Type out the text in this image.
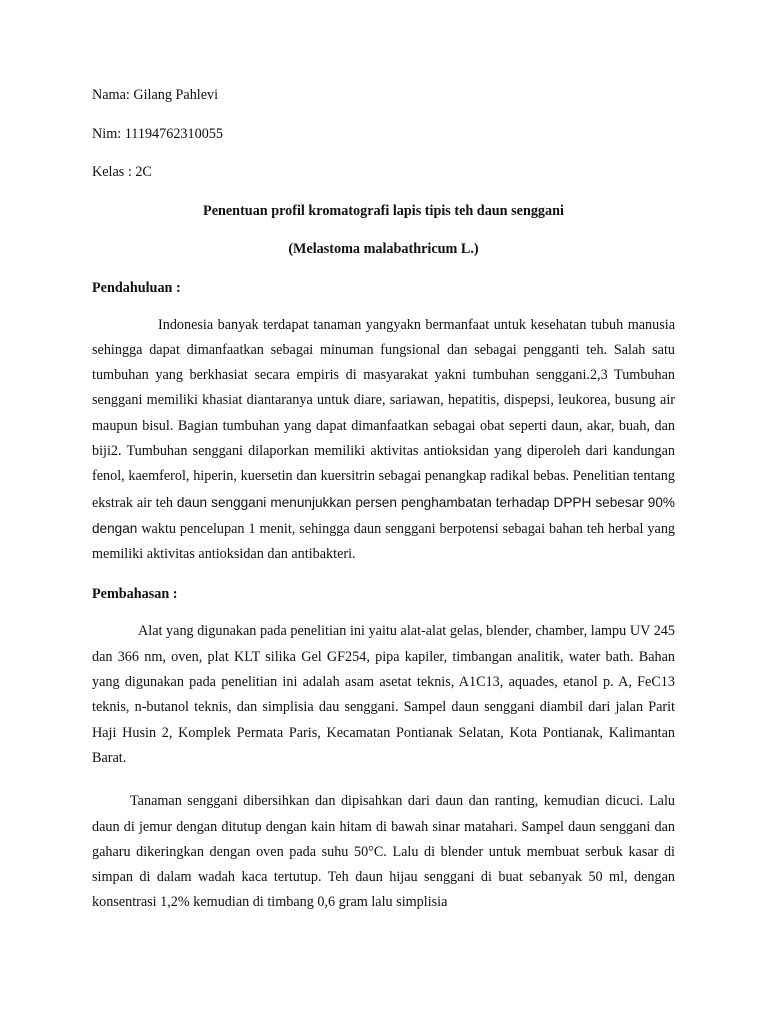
Nama: Gilang Pahlevi

Nim: 11194762310055

Kelas : 2C

Penentuan profil kromatografi lapis tipis teh daun senggani

(Melastoma malabathricum L.)

Pendahuluan :

Indonesia banyak terdapat tanaman yangyakn bermanfaat untuk kesehatan tubuh manusia sehingga dapat dimanfaatkan sebagai minuman fungsional dan sebagai pengganti teh. Salah satu tumbuhan yang berkhasiat secara empiris di masyarakat yakni tumbuhan senggani.2,3 Tumbuhan senggani memiliki khasiat diantaranya untuk diare, sariawan, hepatitis, dispepsi, leukorea, busung air maupun bisul. Bagian tumbuhan yang dapat dimanfaatkan sebagai obat seperti daun, akar, buah, dan biji2. Tumbuhan senggani dilaporkan memiliki aktivitas antioksidan yang diperoleh dari kandungan fenol, kaemferol, hiperin, kuersetin dan kuersitrin sebagai penangkap radikal bebas. Penelitian tentang ekstrak air teh daun senggani menunjukkan persen penghambatan terhadap DPPH sebesar 90% dengan waktu pencelupan 1 menit, sehingga daun senggani berpotensi sebagai bahan teh herbal yang memiliki aktivitas antioksidan dan antibakteri.

Pembahasan :

Alat yang digunakan pada penelitian ini yaitu alat-alat gelas, blender, chamber, lampu UV 245 dan 366 nm, oven, plat KLT silika Gel GF254, pipa kapiler, timbangan analitik, water bath. Bahan yang digunakan pada penelitian ini adalah asam asetat teknis, A1C13, aquades, etanol p. A, FeC13 teknis, n-butanol teknis, dan simplisia dau senggani. Sampel daun senggani diambil dari jalan Parit Haji Husin 2, Komplek Permata Paris, Kecamatan Pontianak Selatan, Kota Pontianak, Kalimantan Barat.

Tanaman senggani dibersihkan dan dipisahkan dari daun dan ranting, kemudian dicuci. Lalu daun di jemur dengan ditutup dengan kain hitam di bawah sinar matahari. Sampel daun senggani dan gaharu dikeringkan dengan oven pada suhu 50°C. Lalu di blender untuk membuat serbuk kasar di simpan di dalam wadah kaca tertutup. Teh daun hijau senggani di buat sebanyak 50 ml, dengan konsentrasi 1,2% kemudian di timbang 0,6 gram lalu simplisia
